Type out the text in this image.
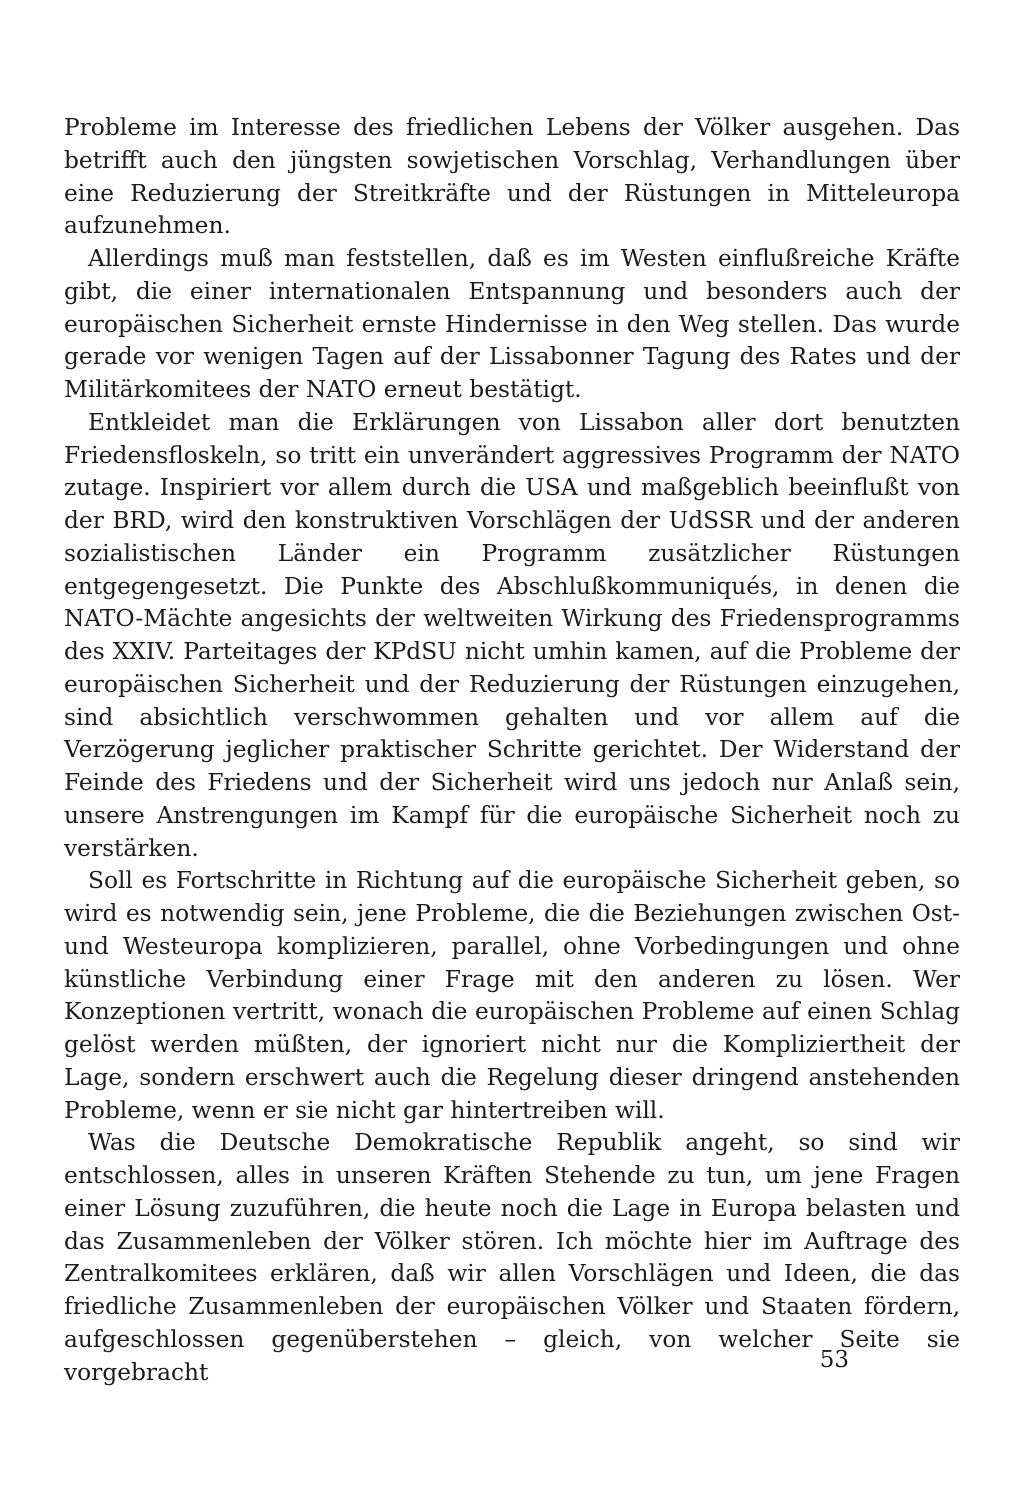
Probleme im Interesse des friedlichen Lebens der Völker ausgehen. Das betrifft auch den jüngsten sowjetischen Vorschlag, Verhandlungen über eine Reduzierung der Streitkräfte und der Rüstungen in Mitteleuropa aufzunehmen.

Allerdings muß man feststellen, daß es im Westen einflußreiche Kräfte gibt, die einer internationalen Entspannung und besonders auch der europäischen Sicherheit ernste Hindernisse in den Weg stellen. Das wurde gerade vor wenigen Tagen auf der Lissabonner Tagung des Rates und der Militärkomitees der NATO erneut bestätigt.

Entkleidet man die Erklärungen von Lissabon aller dort benutzten Friedensfloskeln, so tritt ein unverändert aggressives Programm der NATO zutage. Inspiriert vor allem durch die USA und maßgeblich beeinflußt von der BRD, wird den konstruktiven Vorschlägen der UdSSR und der anderen sozialistischen Länder ein Programm zusätzlicher Rüstungen entgegengesetzt. Die Punkte des Abschlußkommuniqués, in denen die NATO-Mächte angesichts der weltweiten Wirkung des Friedensprogramms des XXIV. Parteitages der KPdSU nicht umhin kamen, auf die Probleme der europäischen Sicherheit und der Reduzierung der Rüstungen einzugehen, sind absichtlich verschwommen gehalten und vor allem auf die Verzögerung jeglicher praktischer Schritte gerichtet. Der Widerstand der Feinde des Friedens und der Sicherheit wird uns jedoch nur Anlaß sein, unsere Anstrengungen im Kampf für die europäische Sicherheit noch zu verstärken.

Soll es Fortschritte in Richtung auf die europäische Sicherheit geben, so wird es notwendig sein, jene Probleme, die die Beziehungen zwischen Ost- und Westeuropa komplizieren, parallel, ohne Vorbedingungen und ohne künstliche Verbindung einer Frage mit den anderen zu lösen. Wer Konzeptionen vertritt, wonach die europäischen Probleme auf einen Schlag gelöst werden müßten, der ignoriert nicht nur die Kompliziertheit der Lage, sondern erschwert auch die Regelung dieser dringend anstehenden Probleme, wenn er sie nicht gar hintertreiben will.

Was die Deutsche Demokratische Republik angeht, so sind wir entschlossen, alles in unseren Kräften Stehende zu tun, um jene Fragen einer Lösung zuzuführen, die heute noch die Lage in Europa belasten und das Zusammenleben der Völker stören. Ich möchte hier im Auftrage des Zentralkomitees erklären, daß wir allen Vorschlägen und Ideen, die das friedliche Zusammenleben der europäischen Völker und Staaten fördern, aufgeschlossen gegenüberstehen – gleich, von welcher Seite sie vorgebracht	53
